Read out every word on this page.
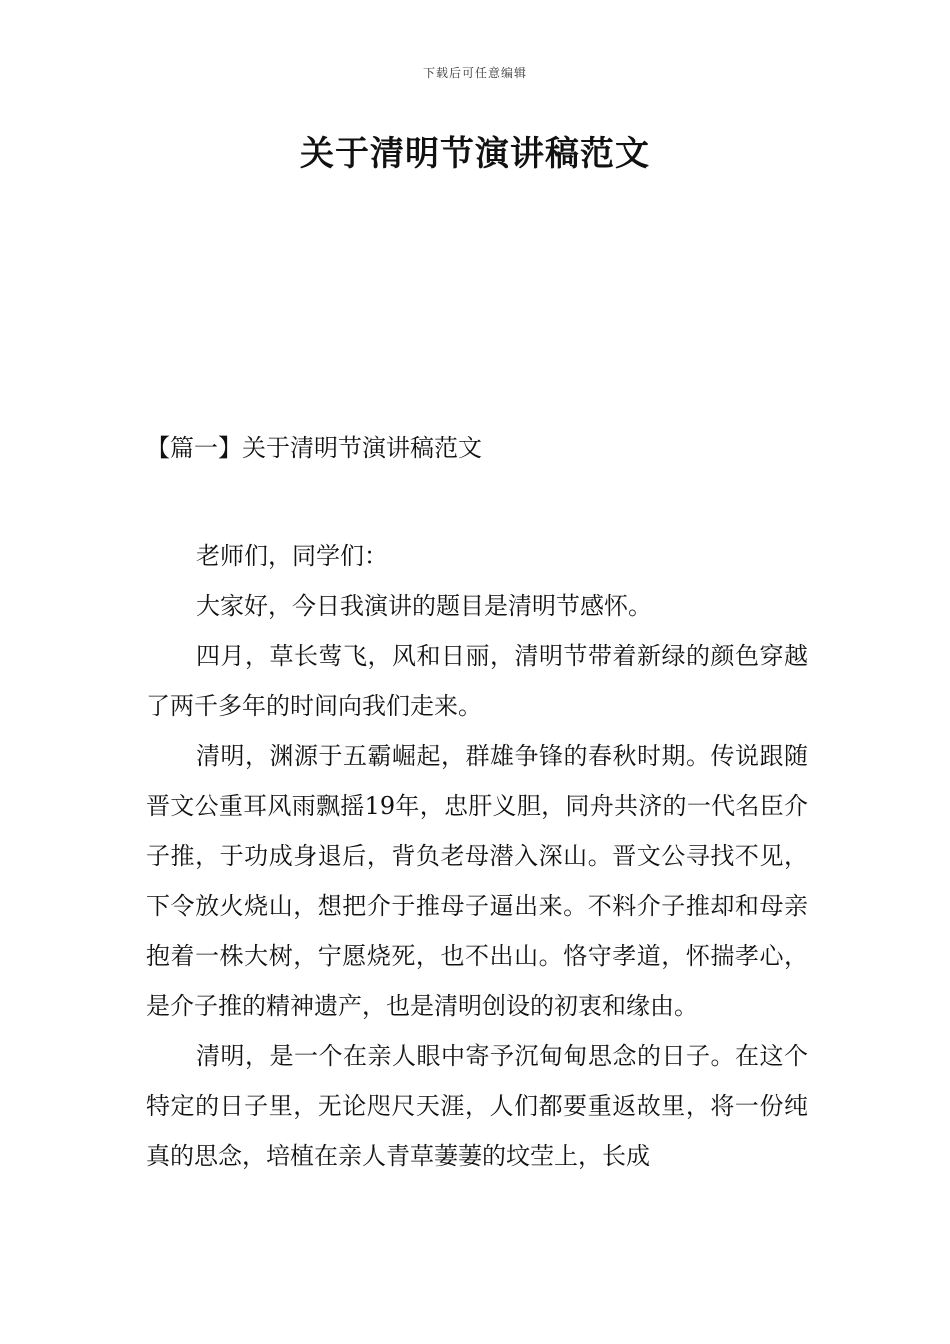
下载后可任意编辑
关于清明节演讲稿范文
【篇一】关于清明节演讲稿范文

老师们，同学们：

大家好，今日我演讲的题目是清明节感怀。

四月，草长莺飞，风和日丽，清明节带着新绿的颜色穿越了两千多年的时间向我们走来。

清明，渊源于五霸崛起，群雄争锋的春秋时期。传说跟随晋文公重耳风雨飘摇19年，忠肝义胆，同舟共济的一代名臣介子推，于功成身退后，背负老母潜入深山。晋文公寻找不见，下令放火烧山，想把介于推母子逼出来。不料介子推却和母亲抱着一株大树，宁愿烧死，也不出山。恪守孝道，怀揣孝心，是介子推的精神遗产，也是清明创设的初衷和缘由。

清明，是一个在亲人眼中寄予沉甸甸思念的日子。在这个特定的日子里，无论咫尺天涯，人们都要重返故里，将一份纯真的思念，培植在亲人青草萋萋的坟茔上，长成
